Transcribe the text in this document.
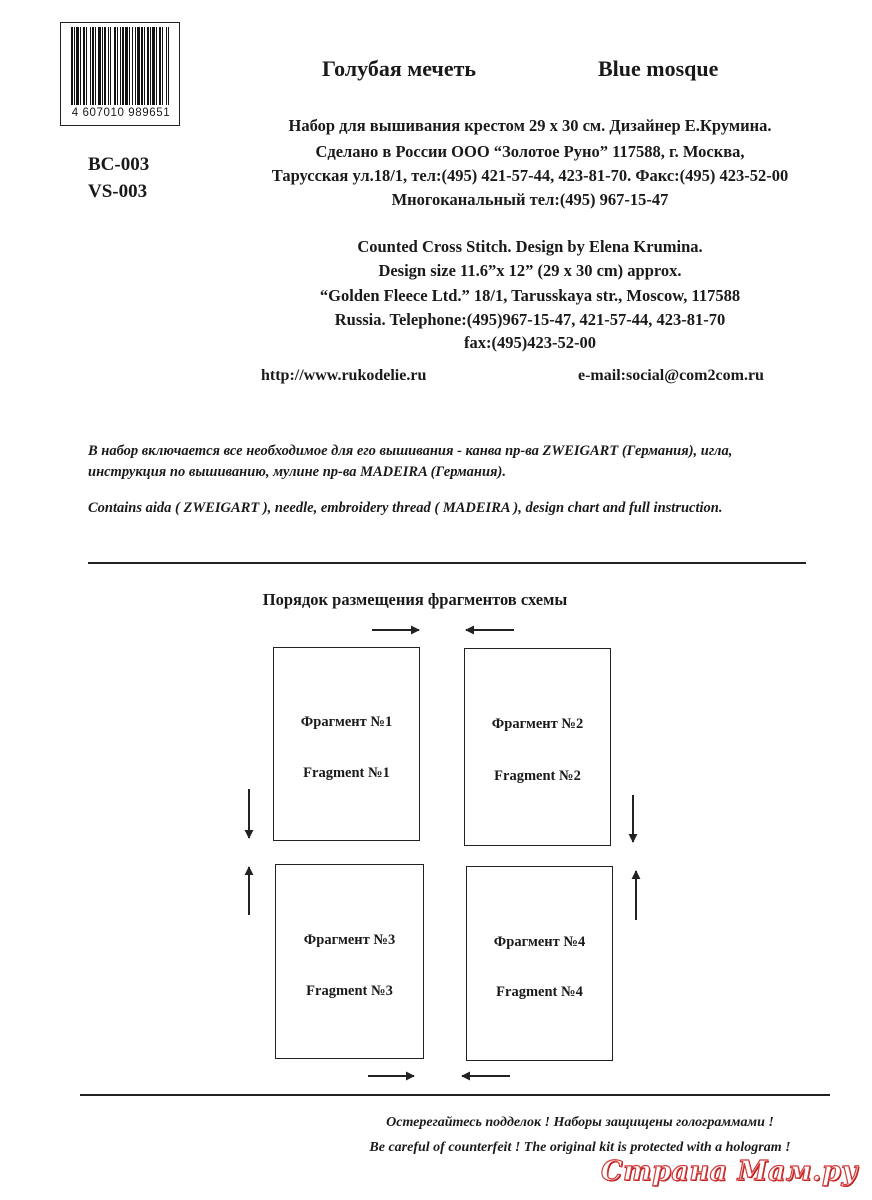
4 607010 989651
ВС-003
VS-003
Голубая мечеть	Blue mosque
Набор для вышивания крестом 29 х 30 см. Дизайнер Е.Крумина.
Сделано в России ООО “Золотое Руно” 117588, г. Москва,
Тарусская ул.18/1, тел:(495) 421-57-44, 423-81-70. Факс:(495) 423-52-00
Многоканальный тел:(495) 967-15-47
Counted Cross Stitch. Design by Elena Krumina.
Design size 11.6”x 12” (29 x 30 cm) approx.
“Golden Fleece Ltd.” 18/1, Tarusskaya str., Moscow, 117588
Russia. Telephone:(495)967-15-47, 421-57-44, 423-81-70
fax:(495)423-52-00
http://www.rukodelie.ru	e-mail:social@com2com.ru
В набор включается все необходимое для его вышивания - канва пр-ва ZWEIGART (Германия), игла,
инструкция по вышиванию, мулине пр-ва MADEIRA (Германия).
Contains aida ( ZWEIGART ), needle, embroidery thread ( MADEIRA ), design chart and full instruction.
Порядок размещения фрагментов схемы
Фрагмент №1
Fragment №1
Фрагмент №2
Fragment №2
Фрагмент №3
Fragment №3
Фрагмент №4
Fragment №4
Остерегайтесь подделок ! Наборы защищены голограммами !
Be careful of counterfeit ! The original kit is protected with a hologram !
Страна Мам.ру
